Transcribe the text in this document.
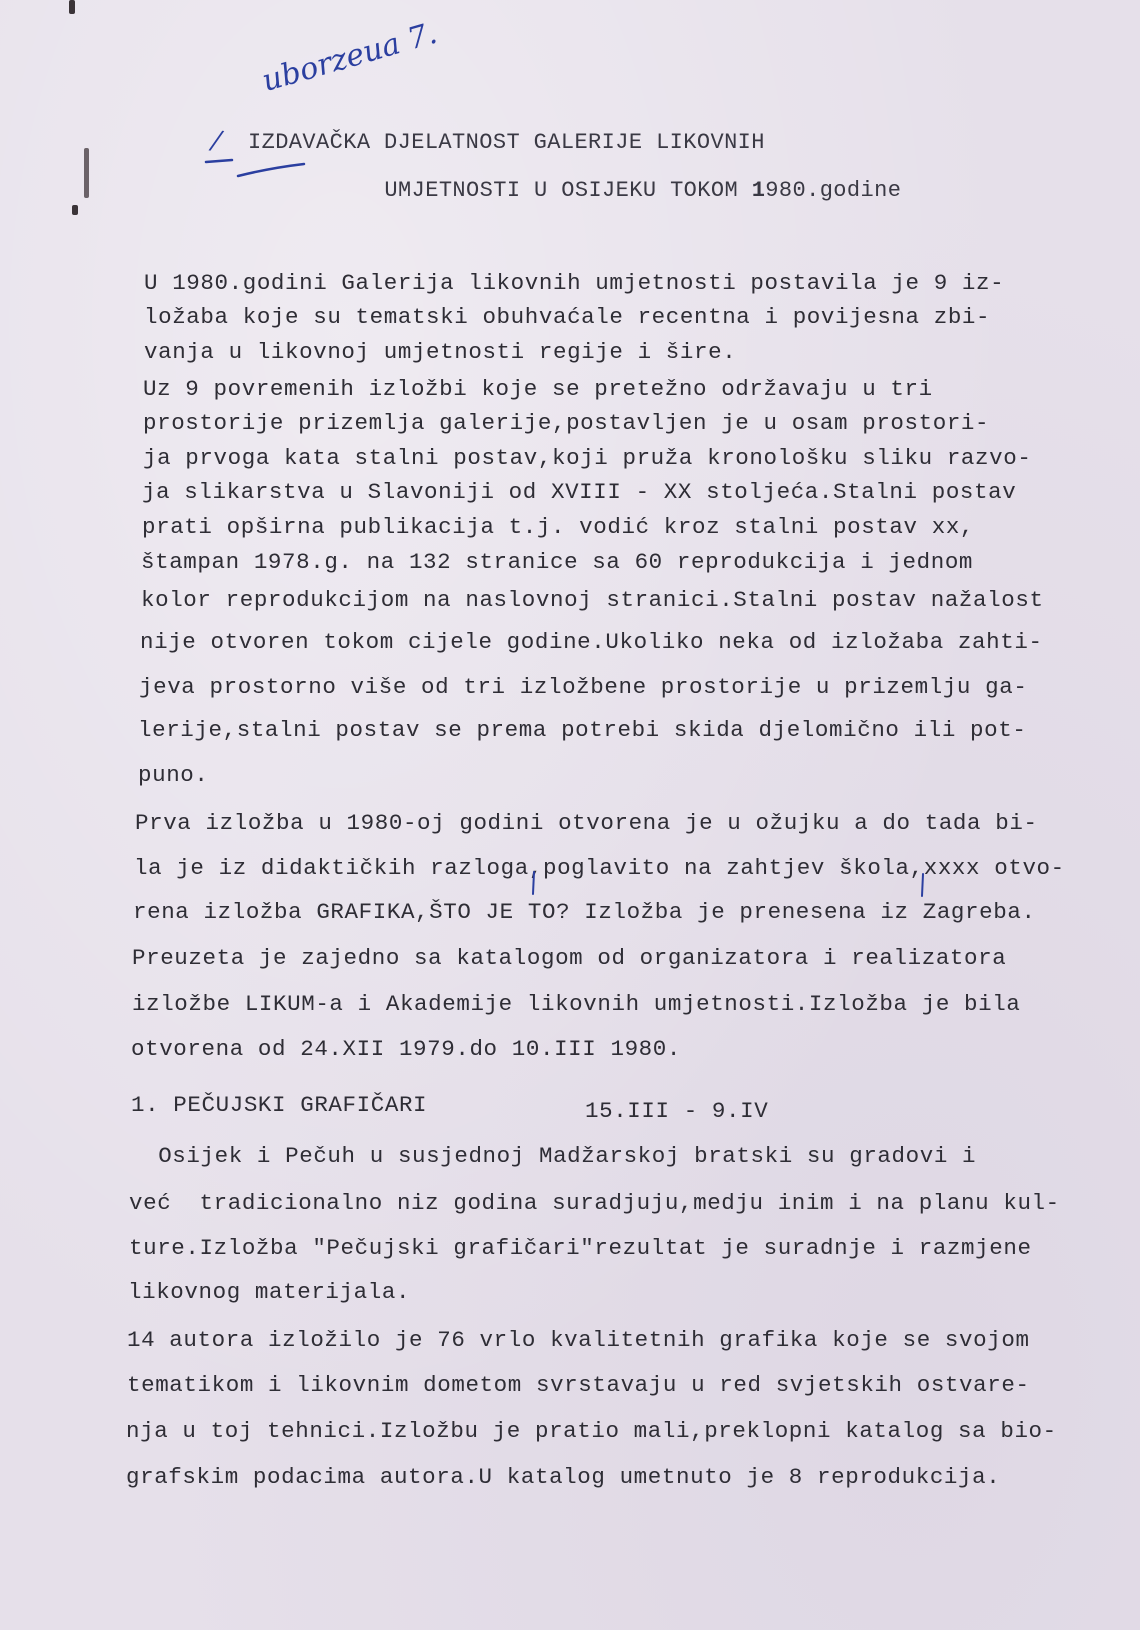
uborzeua 7.
/ IZDAVAČKA DJELATNOST GALERIJE LIKOVNIH

UMJETNOSTI U OSIJEKU TOKOM 1980.godine

U 1980.godini Galerija likovnih umjetnosti postavila je 9 iz-
ložaba koje su tematski obuhvaćale recentna i povijesna zbi-
vanja u likovnoj umjetnosti regije i šire.
Uz 9 povremenih izložbi koje se pretežno održavaju u tri
prostorije prizemlja galerije,postavljen je u osam prostori-
ja prvoga kata stalni postav,koji pruža kronološku sliku razvo-
ja slikarstva u Slavoniji od XVIII - XX stoljeća.Stalni postav
prati opširna publikacija t.j. vodić kroz stalni postav xx,
štampan 1978.g. na 132 stranice sa 60 reprodukcija i jednom
kolor reprodukcijom na naslovnoj stranici.Stalni postav nažalost
nije otvoren tokom cijele godine.Ukoliko neka od izložaba zahti-
jeva prostorno više od tri izložbene prostorije u prizemlju ga-
lerije,stalni postav se prema potrebi skida djelomično ili pot-
puno.
Prva izložba u 1980-oj godini otvorena je u ožujku a do tada bi-
la je iz didaktičkih razloga,poglavito na zahtjev škola,xxxx otvo-
rena izložba GRAFIKA,ŠTO JE TO? Izložba je prenesena iz Zagreba.
Preuzeta je zajedno sa katalogom od organizatora i realizatora
izložbe LIKUM-a i Akademije likovnih umjetnosti.Izložba je bila
otvorena od 24.XII 1979.do 10.III 1980.
1. PEČUJSKI GRAFIČARI	15.III - 9.IV
Osijek i Pečuh u susjednoj Madžarskoj bratski su gradovi i
već  tradicionalno niz godina suradjuju,medju inim i na planu kul-
ture.Izložba "Pečujski grafičari"rezultat je suradnje i razmjene
likovnog materijala.
14 autora izložilo je 76 vrlo kvalitetnih grafika koje se svojom
tematikom i likovnim dometom svrstavaju u red svjetskih ostvare-
nja u toj tehnici.Izložbu je pratio mali,preklopni katalog sa bio-
grafskim podacima autora.U katalog umetnuto je 8 reprodukcija.
